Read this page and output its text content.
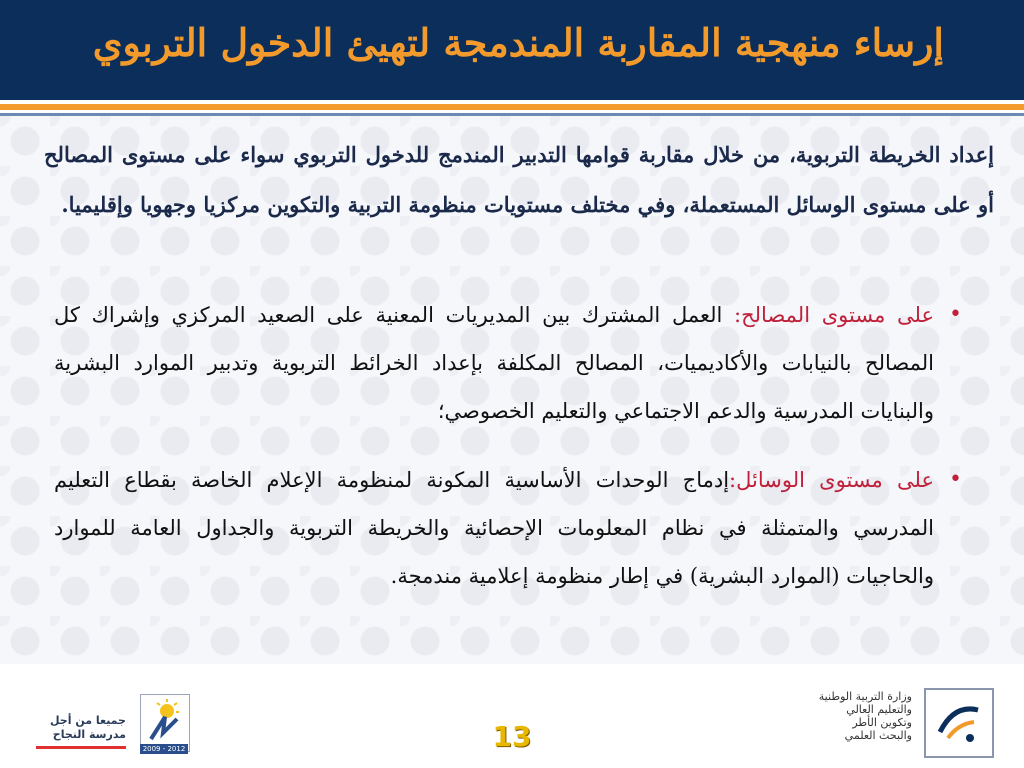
إرساء منهجية المقاربة المندمجة لتهيئ الدخول التربوي

إعداد الخريطة التربوية، من خلال مقاربة قوامها التدبير المندمج للدخول التربوي سواء على مستوى المصالح أو على مستوى الوسائل المستعملة، وفي مختلف مستويات منظومة التربية والتكوين مركزيا وجهويا وإقليميا.

•
على مستوى المصالح: العمل المشترك بين المديريات المعنية على الصعيد المركزي وإشراك كل المصالح بالنيابات والأكاديميات، المصالح المكلفة بإعداد الخرائط التربوية وتدبير الموارد البشرية والبنايات المدرسية والدعم الاجتماعي والتعليم الخصوصي؛

•
على مستوى الوسائل:إدماج الوحدات الأساسية المكونة لمنظومة الإعلام الخاصة بقطاع التعليم المدرسي والمتمثلة في نظام المعلومات الإحصائية والخريطة التربوية والجداول العامة للموارد والحاجيات (الموارد البشرية) في إطار منظومة إعلامية مندمجة.

وزارة التربية الوطنية
والتعليم العالي
وتكوين الأطر
والبحث العلمي
13
2009 - 2012
جميعا من أجل
مدرسة النجاح
